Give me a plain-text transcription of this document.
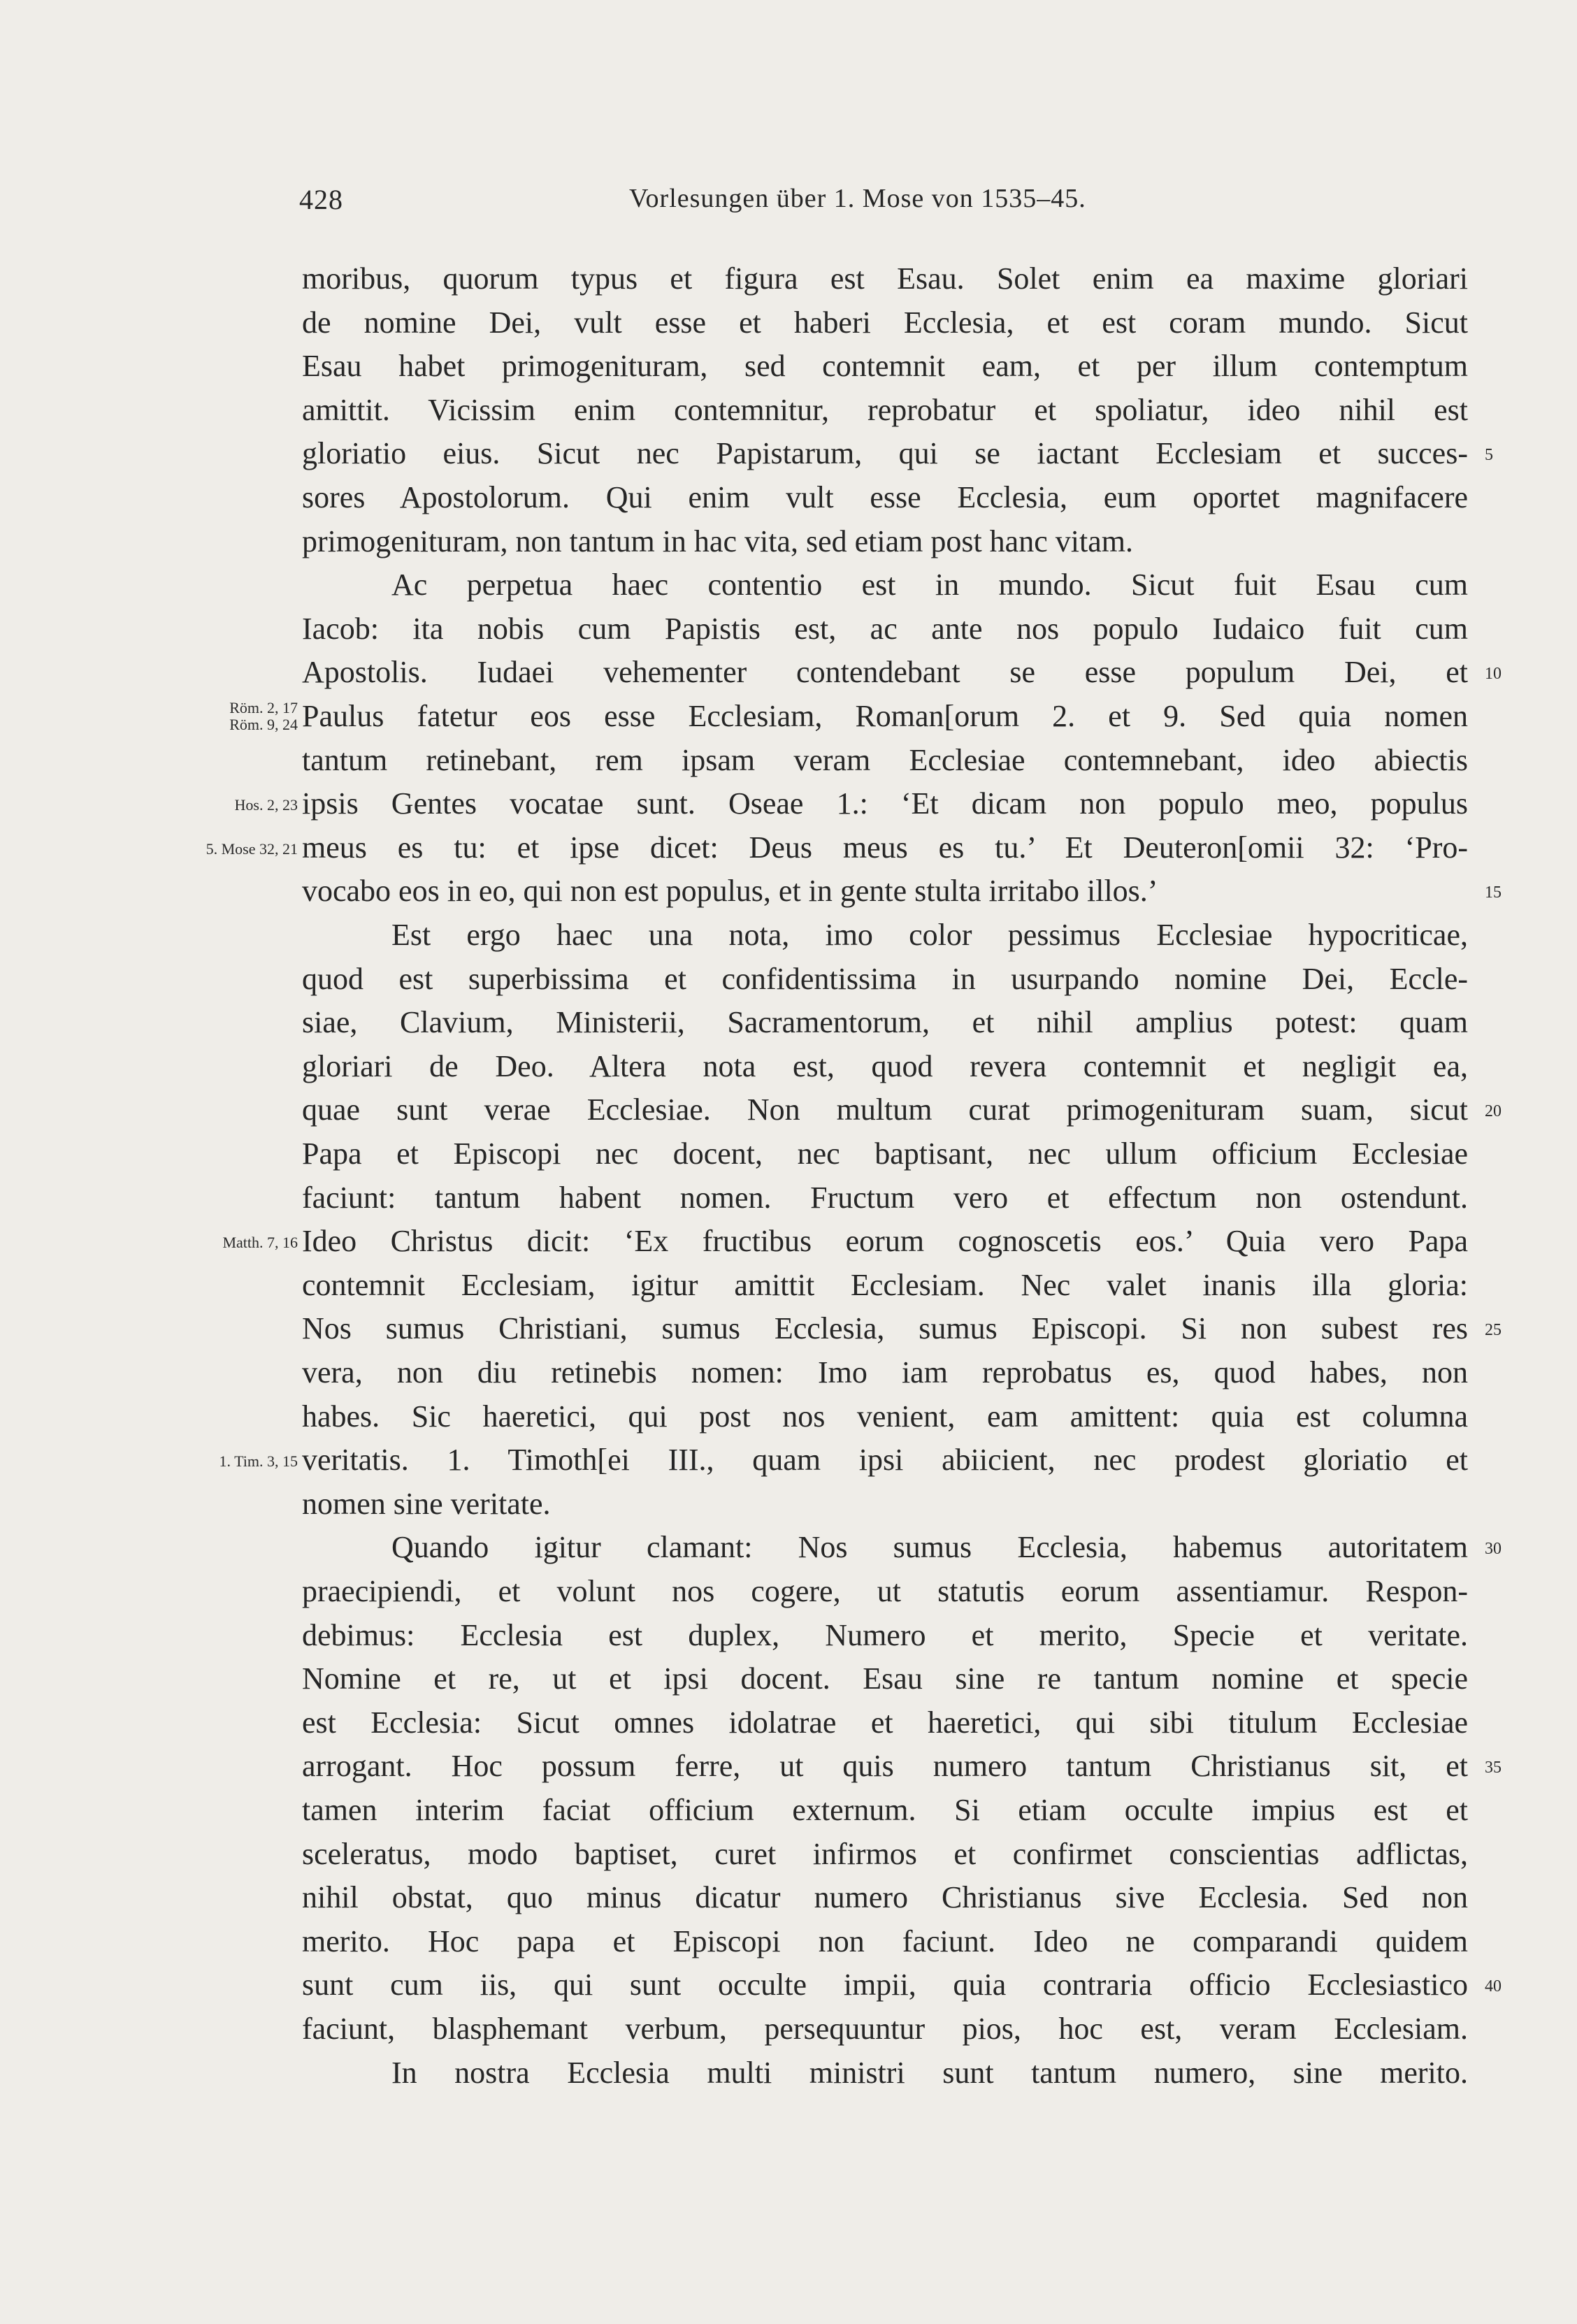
428	Vorlesungen über 1. Mose von 1535–45.
moribus, quorum typus et figura est Esau. Solet enim ea maxime gloriari
de nomine Dei, vult esse et haberi Ecclesia, et est coram mundo. Sicut
Esau habet primogenituram, sed contemnit eam, et per illum contemptum
amittit. Vicissim enim contemnitur, reprobatur et spoliatur, ideo nihil est
gloriatio eius. Sicut nec Papistarum, qui se iactant Ecclesiam et succes-
sores Apostolorum. Qui enim vult esse Ecclesia, eum oportet magnifacere
primogenituram, non tantum in hac vita, sed etiam post hanc vitam.
Ac perpetua haec contentio est in mundo. Sicut fuit Esau cum
Iacob: ita nobis cum Papistis est, ac ante nos populo Iudaico fuit cum
Apostolis. Iudaei vehementer contendebant se esse populum Dei, et
Paulus fatetur eos esse Ecclesiam, Roman[orum 2. et 9. Sed quia nomen
tantum retinebant, rem ipsam veram Ecclesiae contemnebant, ideo abiectis
ipsis Gentes vocatae sunt. Oseae 1.: ‘Et dicam non populo meo, populus
meus es tu: et ipse dicet: Deus meus es tu.’ Et Deuteron[omii 32: ‘Pro-
vocabo eos in eo, qui non est populus, et in gente stulta irritabo illos.’
Est ergo haec una nota, imo color pessimus Ecclesiae hypocriticae,
quod est superbissima et confidentissima in usurpando nomine Dei, Eccle-
siae, Clavium, Ministerii, Sacramentorum, et nihil amplius potest: quam
gloriari de Deo. Altera nota est, quod revera contemnit et negligit ea,
quae sunt verae Ecclesiae. Non multum curat primogenituram suam, sicut
Papa et Episcopi nec docent, nec baptisant, nec ullum officium Ecclesiae
faciunt: tantum habent nomen. Fructum vero et effectum non ostendunt.
Ideo Christus dicit: ‘Ex fructibus eorum cognoscetis eos.’ Quia vero Papa
contemnit Ecclesiam, igitur amittit Ecclesiam. Nec valet inanis illa gloria:
Nos sumus Christiani, sumus Ecclesia, sumus Episcopi. Si non subest res
vera, non diu retinebis nomen: Imo iam reprobatus es, quod habes, non
habes. Sic haeretici, qui post nos venient, eam amittent: quia est columna
veritatis. 1. Timoth[ei III., quam ipsi abiicient, nec prodest gloriatio et
nomen sine veritate.
Quando igitur clamant: Nos sumus Ecclesia, habemus autoritatem
praecipiendi, et volunt nos cogere, ut statutis eorum assentiamur. Respon-
debimus: Ecclesia est duplex, Numero et merito, Specie et veritate.
Nomine et re, ut et ipsi docent. Esau sine re tantum nomine et specie
est Ecclesia: Sicut omnes idolatrae et haeretici, qui sibi titulum Ecclesiae
arrogant. Hoc possum ferre, ut quis numero tantum Christianus sit, et
tamen interim faciat officium externum. Si etiam occulte impius est et
sceleratus, modo baptiset, curet infirmos et confirmet conscientias adflictas,
nihil obstat, quo minus dicatur numero Christianus sive Ecclesia. Sed non
merito. Hoc papa et Episcopi non faciunt. Ideo ne comparandi quidem
sunt cum iis, qui sunt occulte impii, quia contraria officio Ecclesiastico
faciunt, blasphemant verbum, persequuntur pios, hoc est, veram Ecclesiam.
In nostra Ecclesia multi ministri sunt tantum numero, sine merito.
Röm. 2, 17
Röm. 9, 24
Hos. 2, 23
5. Mose 32, 21
Matth. 7, 16
1. Tim. 3, 15
5
10
15
20
25
30
35
40
